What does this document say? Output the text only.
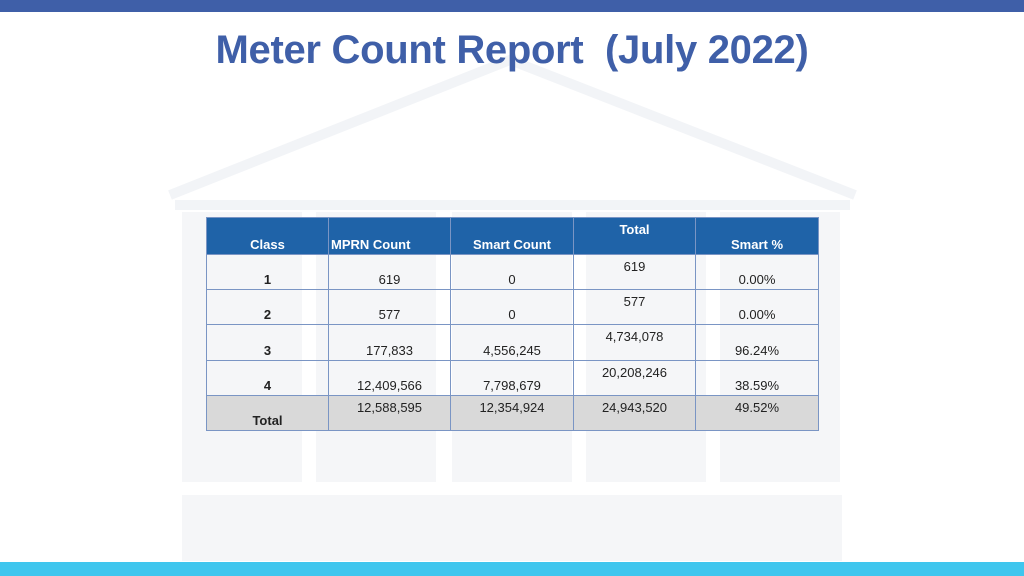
Meter Count Report  (July 2022)
Class	MPRN Count	Smart Count	Total	Smart %

1	619	0	619	0.00%

2	577	0	577	0.00%

3	177,833	4,556,245	4,734,078	96.24%

4	12,409,566	7,798,679	20,208,246	38.59%

Total	12,588,595	12,354,924	24,943,520	49.52%
